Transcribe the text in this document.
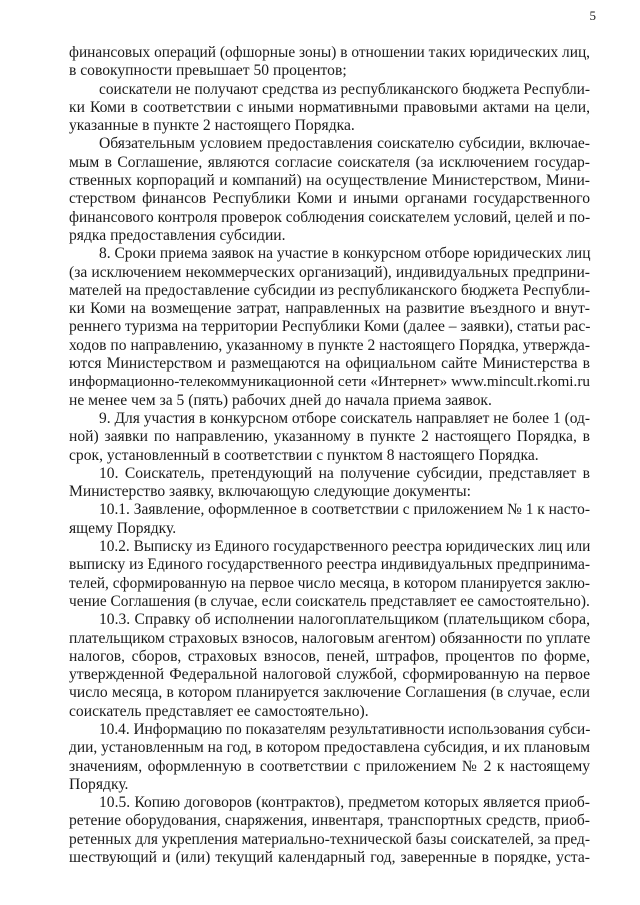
5

финансовых операций (офшорные зоны) в отношении таких юридических лиц,
в совокупности превышает 50 процентов;

соискатели не получают средства из республиканского бюджета Республи-
ки Коми в соответствии с иными нормативными правовыми актами на цели,
указанные в пункте 2 настоящего Порядка.

Обязательным условием предоставления соискателю субсидии, включае-
мым в Соглашение, являются согласие соискателя (за исключением государ-
ственных корпораций и компаний) на осуществление Министерством, Мини-
стерством финансов Республики Коми и иными органами государственного
финансового контроля проверок соблюдения соискателем условий, целей и по-
рядка предоставления субсидии.

8. Сроки приема заявок на участие в конкурсном отборе юридических лиц
(за исключением некоммерческих организаций), индивидуальных предприни-
мателей на предоставление субсидии из республиканского бюджета Республи-
ки Коми на возмещение затрат, направленных на развитие въездного и внут-
реннего туризма на территории Республики Коми (далее – заявки), статьи рас-
ходов по направлению, указанному в пункте 2 настоящего Порядка, утвержда-
ются Министерством и размещаются на официальном сайте Министерства в
информационно-телекоммуникационной сети «Интернет» www.mincult.rkomi.ru
не менее чем за 5 (пять) рабочих дней до начала приема заявок.

9. Для участия в конкурсном отборе соискатель направляет не более 1 (од-
ной) заявки по направлению, указанному в пункте 2 настоящего Порядка, в
срок, установленный в соответствии с пунктом 8 настоящего Порядка.

10. Соискатель, претендующий на получение субсидии, представляет в
Министерство заявку, включающую следующие документы:

10.1. Заявление, оформленное в соответствии с приложением № 1 к насто-
ящему Порядку.

10.2. Выписку из Единого государственного реестра юридических лиц или
выписку из Единого государственного реестра индивидуальных предпринима-
телей, сформированную на первое число месяца, в котором планируется заклю-
чение Соглашения (в случае, если соискатель представляет ее самостоятельно).

10.3. Справку об исполнении налогоплательщиком (плательщиком сбора,
плательщиком страховых взносов, налоговым агентом) обязанности по уплате
налогов, сборов, страховых взносов, пеней, штрафов, процентов по форме,
утвержденной Федеральной налоговой службой, сформированную на первое
число месяца, в котором планируется заключение Соглашения (в случае, если
соискатель представляет ее самостоятельно).

10.4. Информацию по показателям результативности использования субси-
дии, установленным на год, в котором предоставлена субсидия, и их плановым
значениям, оформленную в соответствии с приложением № 2 к настоящему
Порядку.

10.5. Копию договоров (контрактов), предметом которых является приоб-
ретение оборудования, снаряжения, инвентаря, транспортных средств, приоб-
ретенных для укрепления материально-технической базы соискателей, за пред-
шествующий и (или) текущий календарный год, заверенные в порядке, уста-
